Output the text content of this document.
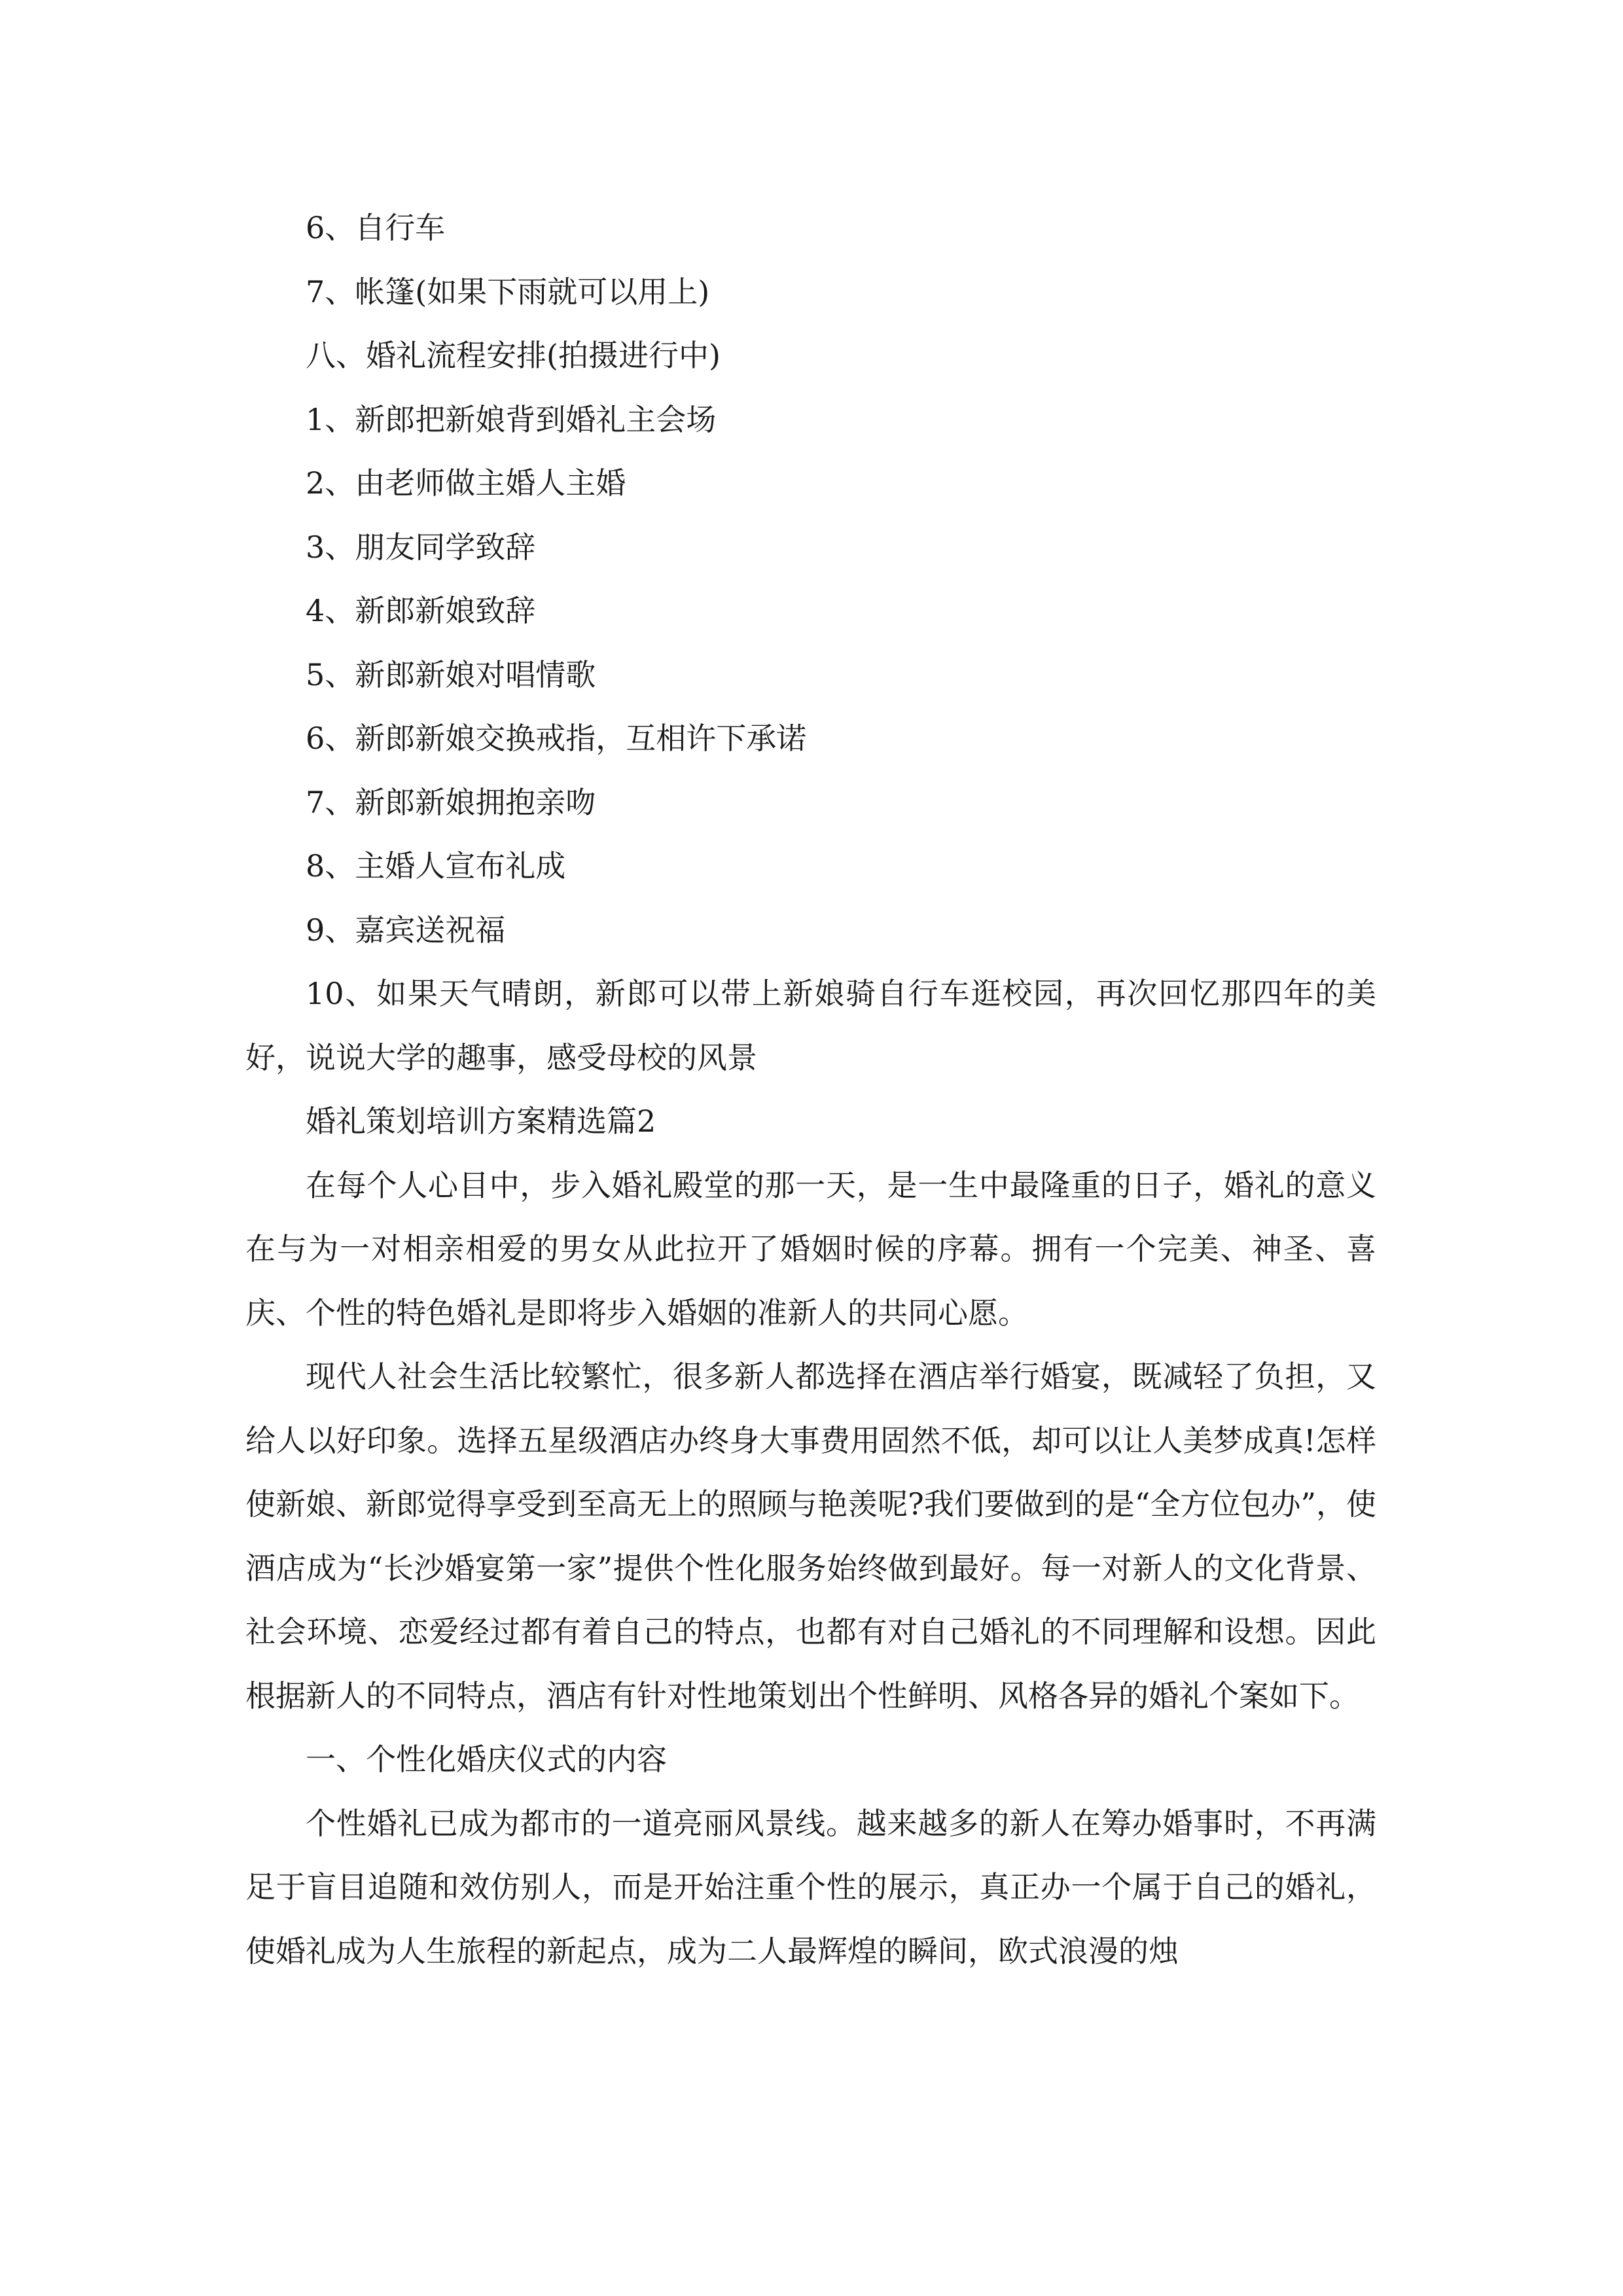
6、自行车
7、帐篷(如果下雨就可以用上)
八、婚礼流程安排(拍摄进行中)
1、新郎把新娘背到婚礼主会场
2、由老师做主婚人主婚
3、朋友同学致辞
4、新郎新娘致辞
5、新郎新娘对唱情歌
6、新郎新娘交换戒指，互相许下承诺
7、新郎新娘拥抱亲吻
8、主婚人宣布礼成
9、嘉宾送祝福

10、如果天气晴朗，新郎可以带上新娘骑自行车逛校园，再次回忆那四年的美好，说说大学的趣事，感受母校的风景

婚礼策划培训方案精选篇2

在每个人心目中，步入婚礼殿堂的那一天，是一生中最隆重的日子，婚礼的意义在与为一对相亲相爱的男女从此拉开了婚姻时候的序幕。拥有一个完美、神圣、喜庆、个性的特色婚礼是即将步入婚姻的准新人的共同心愿。

现代人社会生活比较繁忙，很多新人都选择在酒店举行婚宴，既减轻了负担，又给人以好印象。选择五星级酒店办终身大事费用固然不低，却可以让人美梦成真!怎样使新娘、新郎觉得享受到至高无上的照顾与艳羡呢?我们要做到的是“全方位包办”，使酒店成为“长沙婚宴第一家”提供个性化服务始终做到最好。每一对新人的文化背景、社会环境、恋爱经过都有着自己的特点，也都有对自己婚礼的不同理解和设想。因此根据新人的不同特点，酒店有针对性地策划出个性鲜明、风格各异的婚礼个案如下。

一、个性化婚庆仪式的内容

个性婚礼已成为都市的一道亮丽风景线。越来越多的新人在筹办婚事时，不再满足于盲目追随和效仿别人，而是开始注重个性的展示，真正办一个属于自己的婚礼，使婚礼成为人生旅程的新起点，成为二人最辉煌的瞬间，欧式浪漫的烛
